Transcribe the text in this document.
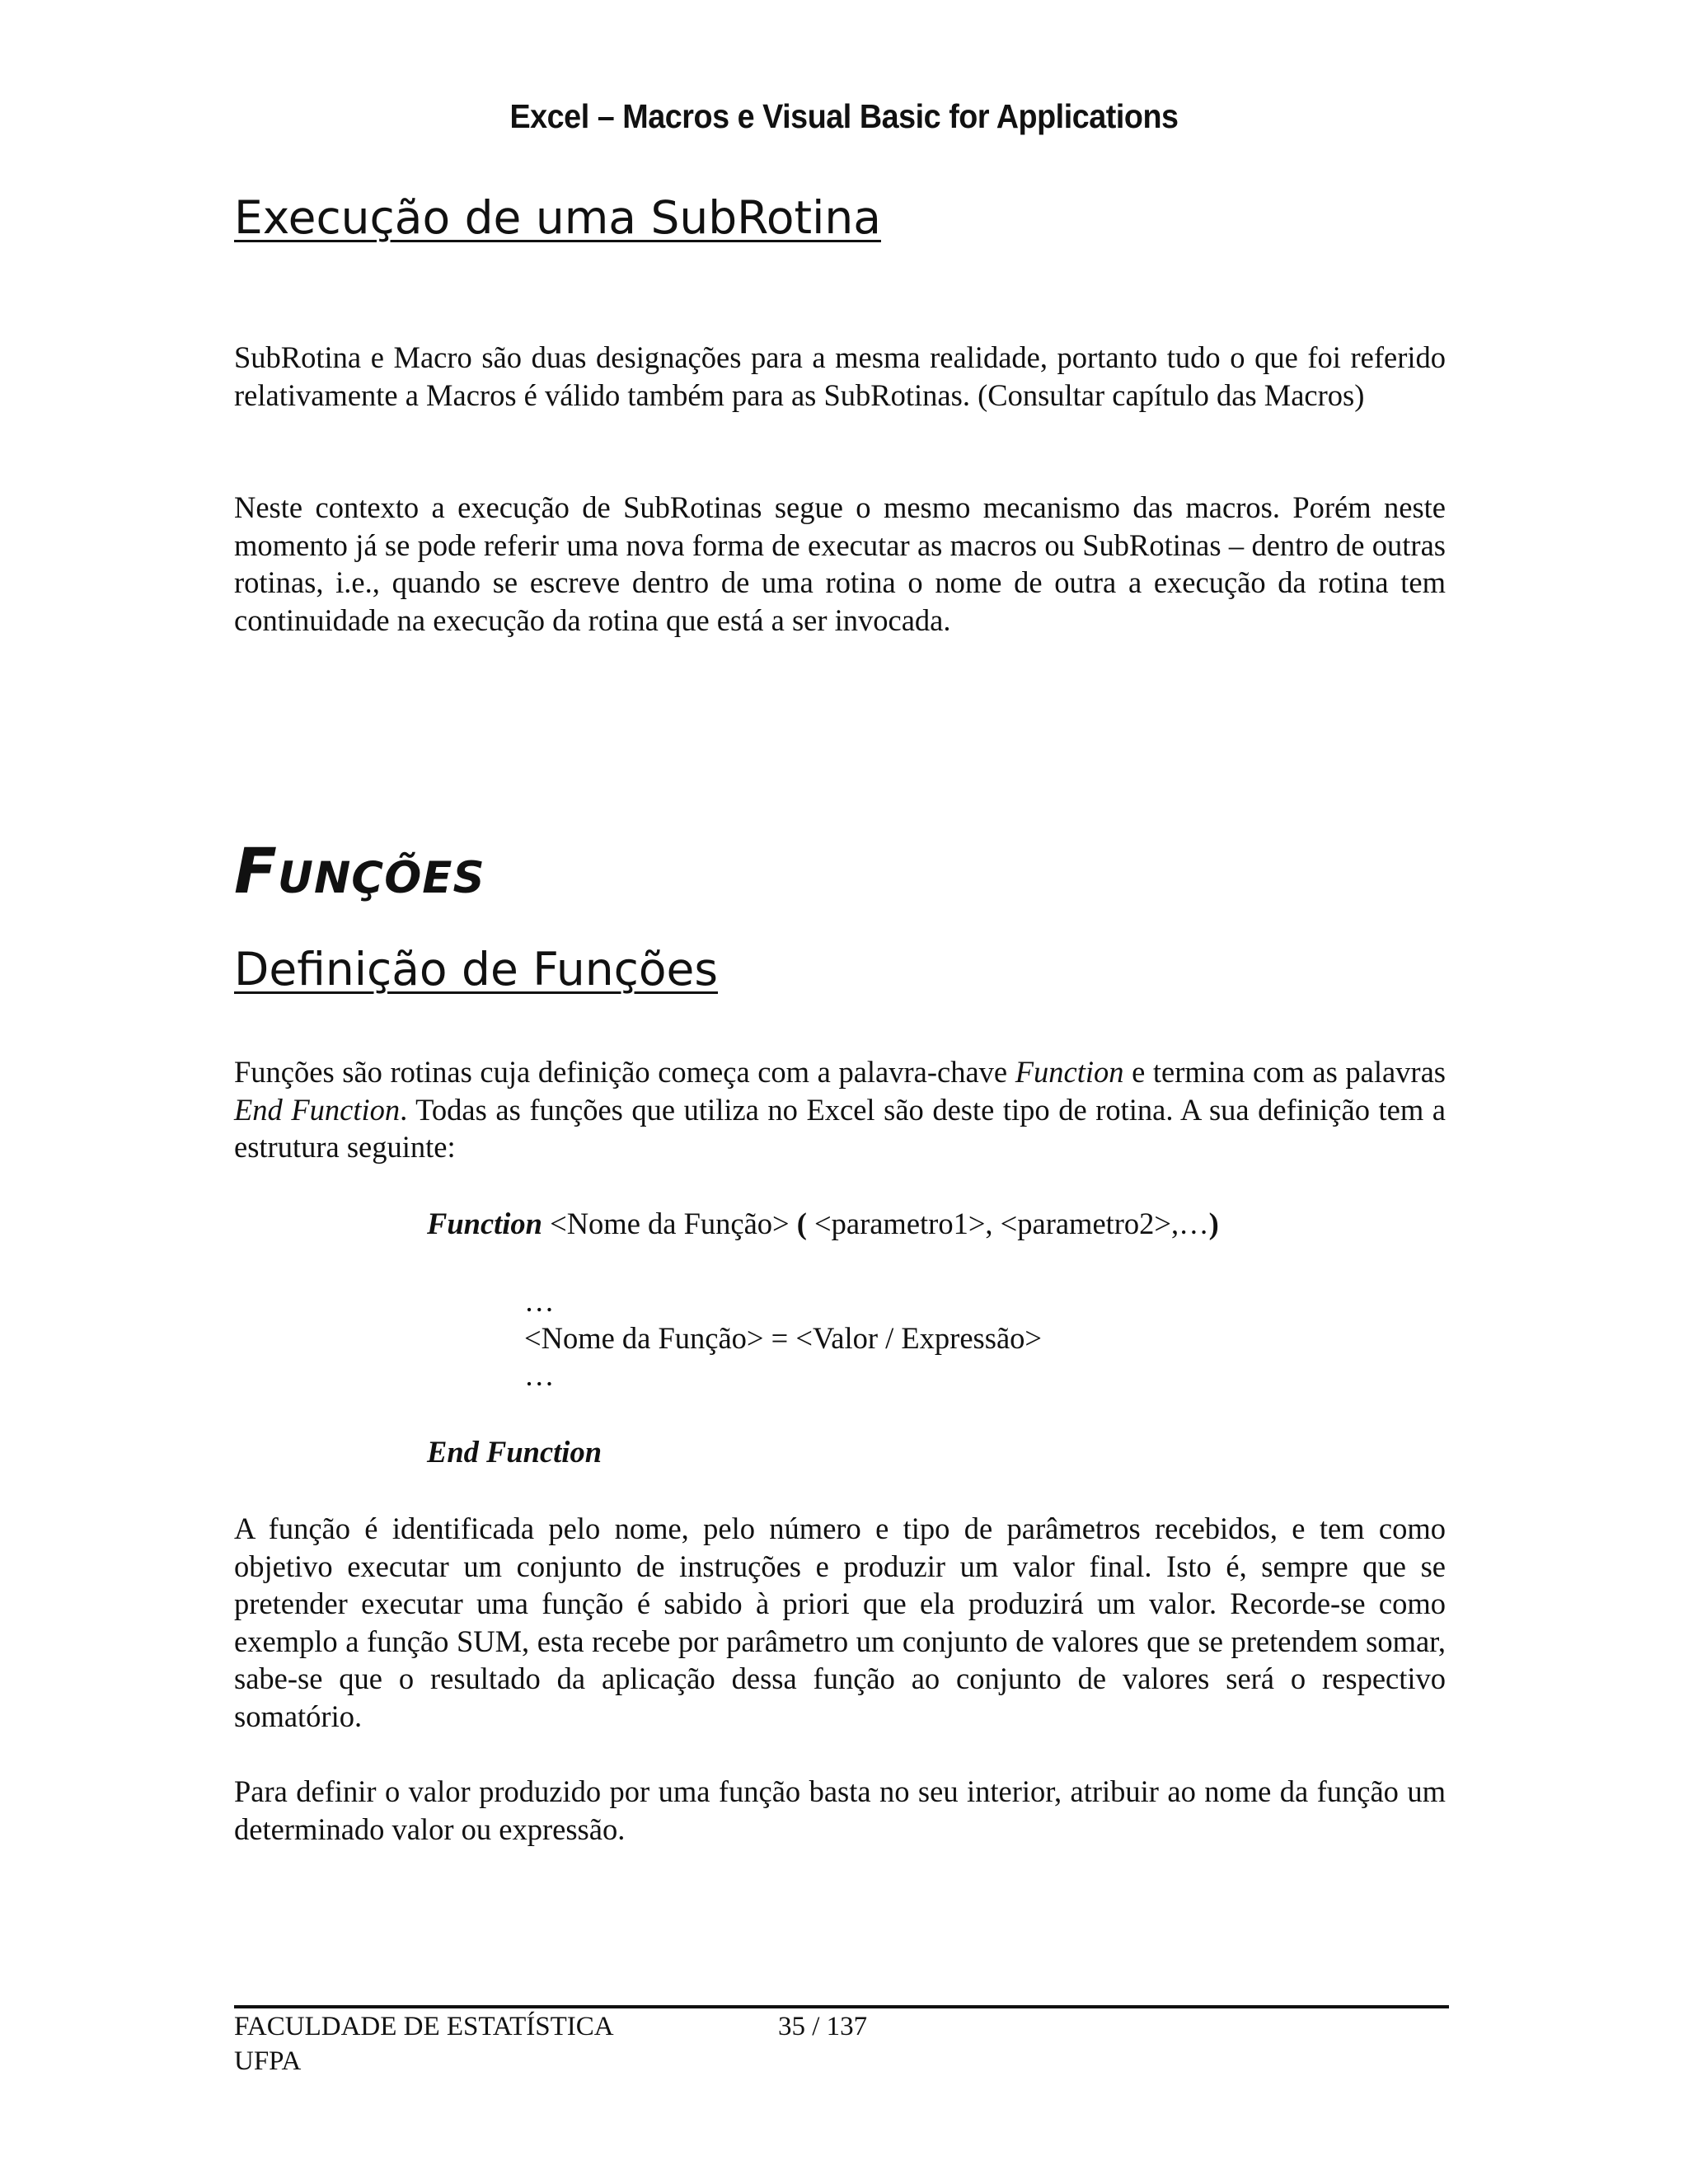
Excel – Macros e Visual Basic for Applications
Execução de uma SubRotina

SubRotina e Macro são duas designações para a mesma realidade, portanto tudo o que foi referido relativamente a Macros é válido também para as SubRotinas. (Consultar capítulo das Macros)

Neste contexto a execução de SubRotinas segue o mesmo mecanismo das macros. Porém neste momento já se pode referir uma nova forma de executar as macros ou SubRotinas – dentro de outras rotinas, i.e., quando se escreve dentro de uma rotina o nome de outra a execução da rotina tem continuidade na execução da rotina que está a ser invocada.

Funções
Definição de Funções

Funções são rotinas cuja definição começa com a palavra-chave Function e termina com as palavras End Function. Todas as funções que utiliza no Excel são deste tipo de rotina. A sua definição tem a estrutura seguinte:

Function <Nome da Função> ( <parametro1>, <parametro2>,…)
…
<Nome da Função> = <Valor / Expressão>
…
End Function

A função é identificada pelo nome, pelo número e tipo de parâmetros recebidos, e tem como objetivo executar um conjunto de instruções e produzir um valor final. Isto é, sempre que se pretender executar uma função é sabido à priori que ela produzirá um valor. Recorde-se como exemplo a função SUM, esta recebe por parâmetro um conjunto de valores que se pretendem somar, sabe-se que o resultado da aplicação dessa função ao conjunto de valores será o respectivo somatório.

Para definir o valor produzido por uma função basta no seu interior, atribuir ao nome da função um determinado valor ou expressão.

FACULDADE DE ESTATÍSTICA
UFPA
35 / 137
